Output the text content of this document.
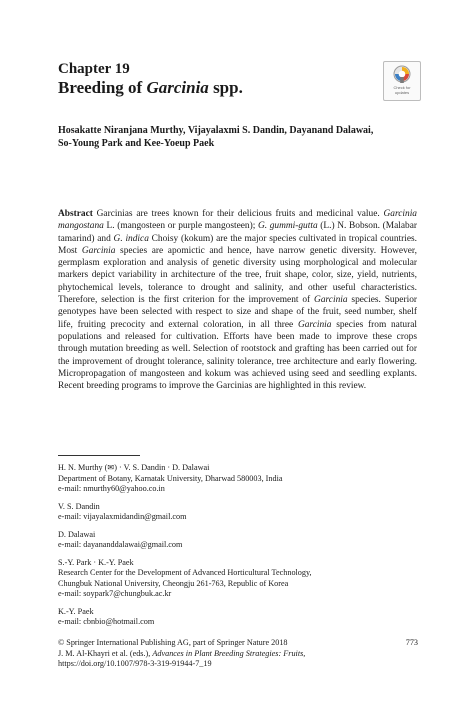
Chapter 19
Breeding of Garcinia spp.	Check for
updates
Hosakatte Niranjana Murthy, Vijayalaxmi S. Dandin, Dayanand Dalawai,
So-Young Park and Kee-Yoeup Paek

Abstract Garcinias are trees known for their delicious fruits and medicinal value. Garcinia mangostana L. (mangosteen or purple mangosteen); G. gummi-gutta (L.) N. Bobson. (Malabar tamarind) and G. indica Choisy (kokum) are the major species cultivated in tropical countries. Most Garcinia species are apomictic and hence, have narrow genetic diversity. However, germplasm exploration and analysis of genetic diversity using morphological and molecular markers depict variability in architecture of the tree, fruit shape, color, size, yield, nutrients, phytochemical levels, tolerance to drought and salinity, and other useful characteristics. Therefore, selection is the first criterion for the improvement of Garcinia species. Superior genotypes have been selected with respect to size and shape of the fruit, seed number, shelf life, fruiting precocity and external coloration, in all three Garcinia species from natural populations and released for cultivation. Efforts have been made to improve these crops through mutation breeding as well. Selection of rootstock and grafting has been carried out for the improvement of drought tolerance, salinity tolerance, tree architecture and early flowering. Micropropagation of mangosteen and kokum was achieved using seed and seedling explants. Recent breeding programs to improve the Garcinias are highlighted in this review.

H. N. Murthy (✉) · V. S. Dandin · D. Dalawai
Department of Botany, Karnatak University, Dharwad 580003, India
e-mail: nmurthy60@yahoo.co.in
V. S. Dandin
e-mail: vijayalaxmidandin@gmail.com
D. Dalawai
e-mail: dayananddalawai@gmail.com
S.-Y. Park · K.-Y. Paek
Research Center for the Development of Advanced Horticultural Technology,
Chungbuk National University, Cheongju 261-763, Republic of Korea
e-mail: soypark7@chungbuk.ac.kr
K.-Y. Paek
e-mail: cbnbio@hotmail.com
© Springer International Publishing AG, part of Springer Nature 2018
J. M. Al-Khayri et al. (eds.), Advances in Plant Breeding Strategies: Fruits,
https://doi.org/10.1007/978-3-319-91944-7_19
773
